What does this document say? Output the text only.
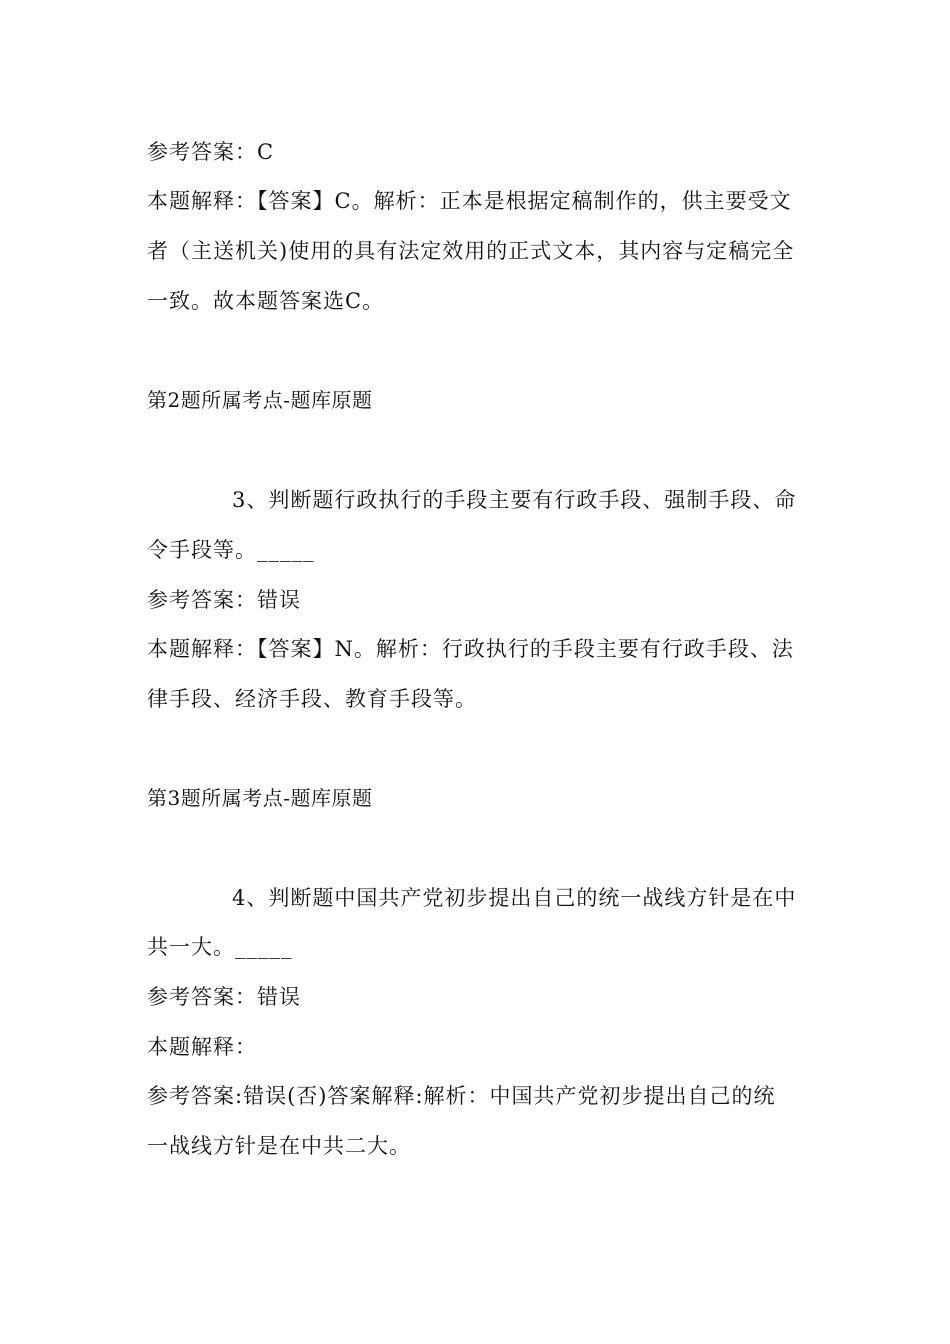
参考答案：C
本题解释：【答案】C。解析：正本是根据定稿制作的，供主要受文
者（主送机关)使用的具有法定效用的正式文本，其内容与定稿完全
一致。故本题答案选C。
第2题所属考点-题库原题
3、判断题行政执行的手段主要有行政手段、强制手段、命
令手段等。_____
参考答案：错误
本题解释：【答案】N。解析：行政执行的手段主要有行政手段、法
律手段、经济手段、教育手段等。
第3题所属考点-题库原题
4、判断题中国共产党初步提出自己的统一战线方针是在中
共一大。_____
参考答案：错误
本题解释：
参考答案:错误(否)答案解释:解析：中国共产党初步提出自己的统
一战线方针是在中共二大。
